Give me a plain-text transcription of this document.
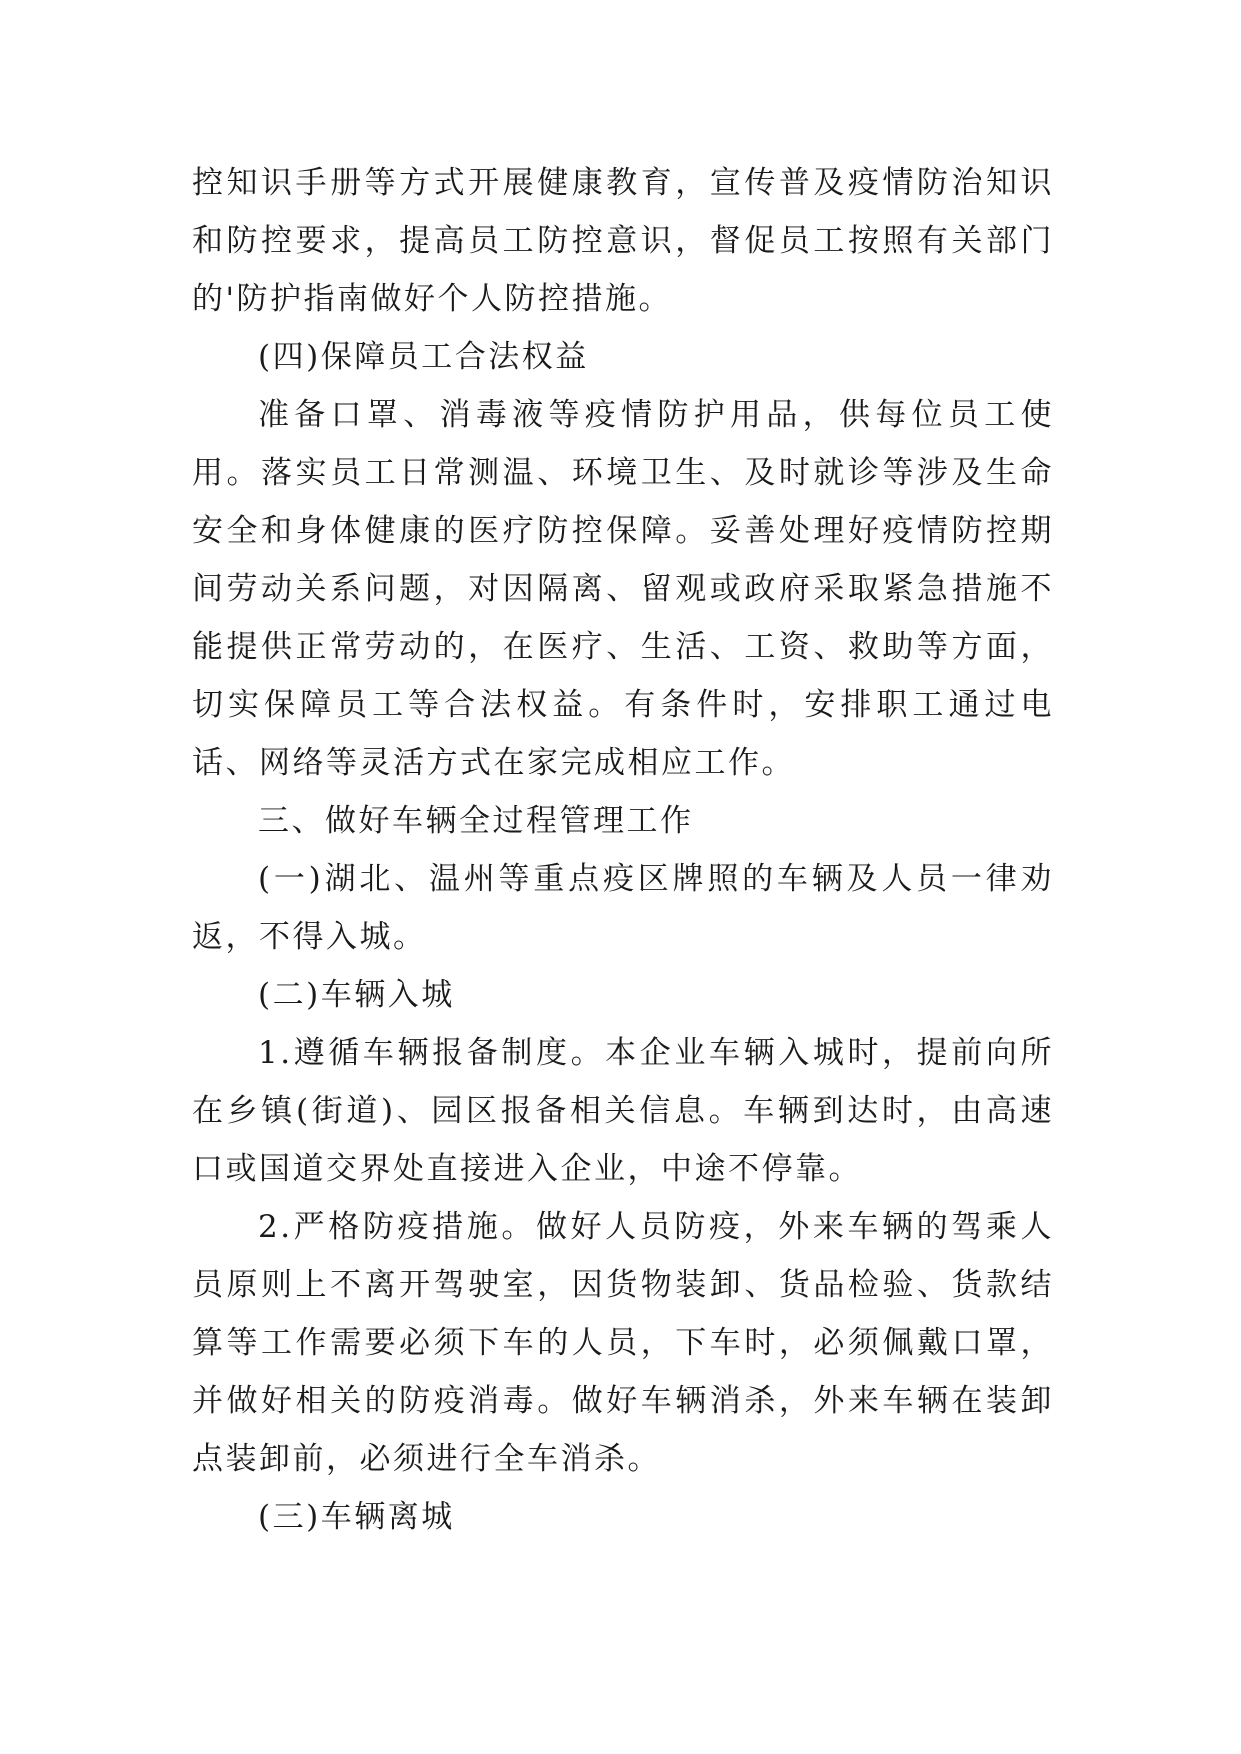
控知识手册等方式开展健康教育，宣传普及疫情防治知识和防控要求，提高员工防控意识，督促员工按照有关部门的'防护指南做好个人防控措施。

(四)保障员工合法权益

准备口罩、消毒液等疫情防护用品，供每位员工使用。落实员工日常测温、环境卫生、及时就诊等涉及生命安全和身体健康的医疗防控保障。妥善处理好疫情防控期间劳动关系问题，对因隔离、留观或政府采取紧急措施不能提供正常劳动的，在医疗、生活、工资、救助等方面，切实保障员工等合法权益。有条件时，安排职工通过电话、网络等灵活方式在家完成相应工作。

三、做好车辆全过程管理工作

(一)湖北、温州等重点疫区牌照的车辆及人员一律劝返，不得入城。

(二)车辆入城

1.遵循车辆报备制度。本企业车辆入城时，提前向所在乡镇(街道)、园区报备相关信息。车辆到达时，由高速口或国道交界处直接进入企业，中途不停靠。

2.严格防疫措施。做好人员防疫，外来车辆的驾乘人员原则上不离开驾驶室，因货物装卸、货品检验、货款结算等工作需要必须下车的人员，下车时，必须佩戴口罩，并做好相关的防疫消毒。做好车辆消杀，外来车辆在装卸点装卸前，必须进行全车消杀。

(三)车辆离城
